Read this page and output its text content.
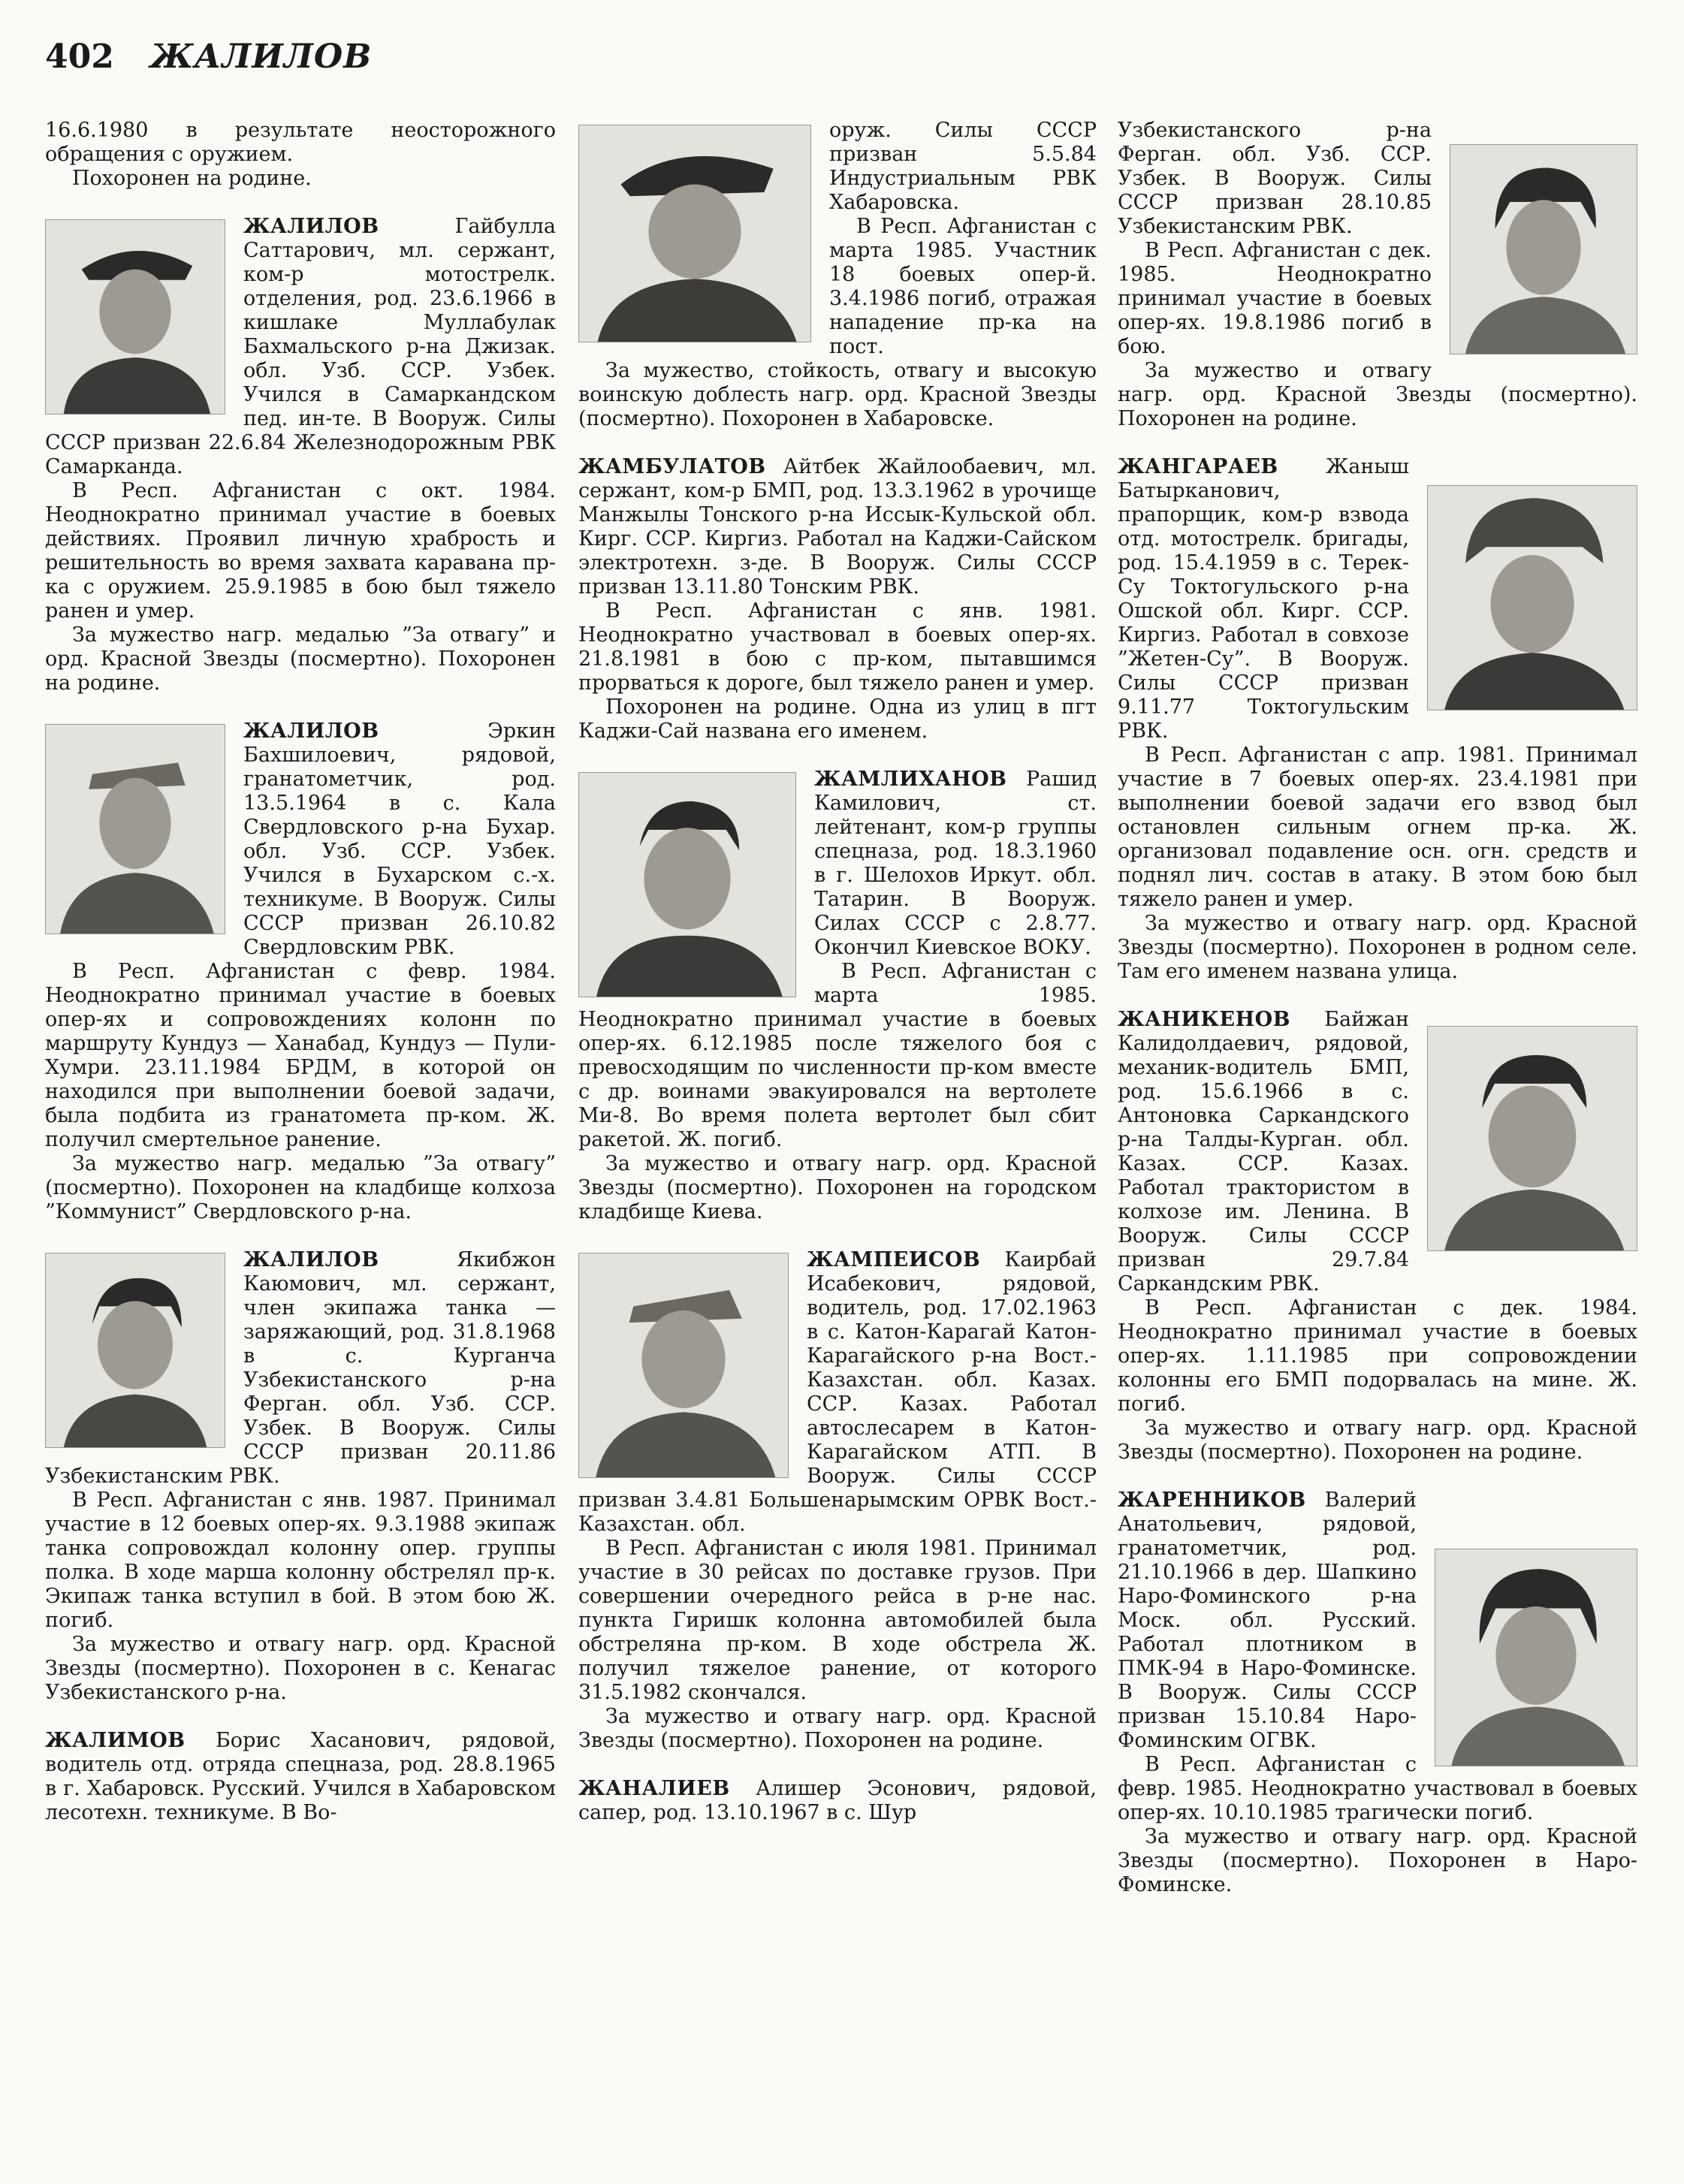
402 ЖАЛИЛОВ

16.6.1980 в результате неосторожного обращения с оружием.

Похоронен на родине.

ЖАЛИЛОВ Гайбулла Саттарович, мл. сержант, ком-р мотострелк. отделения, род. 23.6.1966 в кишлаке Муллабулак Бахмальского р-на Джизак. обл. Узб. ССР. Узбек. Учился в Самаркандском пед. ин-те. В Вооруж. Силы СССР призван 22.6.84 Железнодорожным РВК Самарканда.

В Респ. Афганистан с окт. 1984. Неоднократно принимал участие в боевых действиях. Проявил личную храбрость и решительность во время захвата каравана пр-ка с оружием. 25.9.1985 в бою был тяжело ранен и умер.

За мужество нагр. медалью ”За отвагу” и орд. Красной Звезды (посмертно). Похоронен на родине.

ЖАЛИЛОВ Эркин Бахшилоевич, рядовой, гранатометчик, род. 13.5.1964 в с. Кала Свердловского р-на Бухар. обл. Узб. ССР. Узбек. Учился в Бухарском с.-х. техникуме. В Вооруж. Силы СССР призван 26.10.82 Свердловским РВК.

В Респ. Афганистан с февр. 1984. Неоднократно принимал участие в боевых опер-ях и сопровождениях колонн по маршруту Кундуз — Ханабад, Кундуз — Пули-Хумри. 23.11.1984 БРДМ, в которой он находился при выполнении боевой задачи, была подбита из гранатомета пр-ком. Ж. получил смертельное ранение.

За мужество нагр. медалью ”За отвагу” (посмертно). Похоронен на кладбище колхоза ”Коммунист” Свердловского р-на.

ЖАЛИЛОВ Якибжон Каюмович, мл. сержант, член экипажа танка — заряжающий, род. 31.8.1968 в с. Курганча Узбекистанского р-на Ферган. обл. Узб. ССР. Узбек. В Вооруж. Силы СССР призван 20.11.86 Узбекистанским РВК.

В Респ. Афганистан с янв. 1987. Принимал участие в 12 боевых опер-ях. 9.3.1988 экипаж танка сопровождал колонну опер. группы полка. В ходе марша колонну обстрелял пр-к. Экипаж танка вступил в бой. В этом бою Ж. погиб.

За мужество и отвагу нагр. орд. Красной Звезды (посмертно). Похоронен в с. Кенагас Узбекистанского р-на.

ЖАЛИМОВ Борис Хасанович, рядовой, водитель отд. отряда спецназа, род. 28.8.1965 в г. Хабаровск. Русский. Учился в Хабаровском лесотехн. техникуме. В Во-

оруж. Силы СССР призван 5.5.84 Индустриальным РВК Хабаровска.

В Респ. Афганистан с марта 1985. Участник 18 боевых опер-й. 3.4.1986 погиб, отражая нападение пр-ка на пост.

За мужество, стойкость, отвагу и высокую воинскую доблесть нагр. орд. Красной Звезды (посмертно). Похоронен в Хабаровске.

ЖАМБУЛАТОВ Айтбек Жайлообаевич, мл. сержант, ком-р БМП, род. 13.3.1962 в урочище Манжылы Тонского р-на Иссык-Кульской обл. Кирг. ССР. Киргиз. Работал на Каджи-Сайском электротехн. з-де. В Вооруж. Силы СССР призван 13.11.80 Тонским РВК.

В Респ. Афганистан с янв. 1981. Неоднократно участвовал в боевых опер-ях. 21.8.1981 в бою с пр-ком, пытавшимся прорваться к дороге, был тяжело ранен и умер.

Похоронен на родине. Одна из улиц в пгт Каджи-Сай названа его именем.

ЖАМЛИХАНОВ Рашид Камилович, ст. лейтенант, ком-р группы спецназа, род. 18.3.1960 в г. Шелохов Иркут. обл. Татарин. В Вооруж. Силах СССР с 2.8.77. Окончил Киевское ВОКУ.

В Респ. Афганистан с марта 1985. Неоднократно принимал участие в боевых опер-ях. 6.12.1985 после тяжелого боя с превосходящим по численности пр-ком вместе с др. воинами эвакуировался на вертолете Ми-8. Во время полета вертолет был сбит ракетой. Ж. погиб.

За мужество и отвагу нагр. орд. Красной Звезды (посмертно). Похоронен на городском кладбище Киева.

ЖАМПЕИСОВ Каирбай Исабекович, рядовой, водитель, род. 17.02.1963 в с. Катон-Карагай Катон-Карагайского р-на Вост.-Казахстан. обл. Казах. ССР. Казах. Работал автослесарем в Катон-Карагайском АТП. В Вооруж. Силы СССР призван 3.4.81 Большенарымским ОРВК Вост.-Казахстан. обл.

В Респ. Афганистан с июля 1981. Принимал участие в 30 рейсах по доставке грузов. При совершении очередного рейса в р-не нас. пункта Гиришк колонна автомобилей была обстреляна пр-ком. В ходе обстрела Ж. получил тяжелое ранение, от которого 31.5.1982 скончался.

За мужество и отвагу нагр. орд. Красной Звезды (посмертно). Похоронен на родине.

ЖАНАЛИЕВ Алишер Эсонович, рядовой, сапер, род. 13.10.1967 в с. Шур

Узбекистанского р-на Ферган. обл. Узб. ССР. Узбек. В Вооруж. Силы СССР призван 28.10.85 Узбекистанским РВК.

В Респ. Афганистан с дек. 1985. Неоднократно принимал участие в боевых опер-ях. 19.8.1986 погиб в бою.

За мужество и отвагу нагр. орд. Красной Звезды (посмертно). Похоронен на родине.

ЖАНГАРАЕВ Жаныш Батырканович, прапорщик, ком-р взвода отд. мотострелк. бригады, род. 15.4.1959 в с. Терек-Су Токтогульского р-на Ошской обл. Кирг. ССР. Киргиз. Работал в совхозе ”Жетен-Су”. В Вооруж. Силы СССР призван 9.11.77 Токтогульским РВК.

В Респ. Афганистан с апр. 1981. Принимал участие в 7 боевых опер-ях. 23.4.1981 при выполнении боевой задачи его взвод был остановлен сильным огнем пр-ка. Ж. организовал подавление осн. огн. средств и поднял лич. состав в атаку. В этом бою был тяжело ранен и умер.

За мужество и отвагу нагр. орд. Красной Звезды (посмертно). Похоронен в родном селе. Там его именем названа улица.

ЖАНИКЕНОВ Байжан Калидолдаевич, рядовой, механик-водитель БМП, род. 15.6.1966 в с. Антоновка Саркандского р-на Талды-Курган. обл. Казах. ССР. Казах. Работал трактористом в колхозе им. Ленина. В Вооруж. Силы СССР призван 29.7.84 Саркандским РВК.

В Респ. Афганистан с дек. 1984. Неоднократно принимал участие в боевых опер-ях. 1.11.1985 при сопровождении колонны его БМП подорвалась на мине. Ж. погиб.

За мужество и отвагу нагр. орд. Красной Звезды (посмертно). Похоронен на родине.

ЖАРЕННИКОВ Валерий Анатольевич, рядовой, гранатометчик, род. 21.10.1966 в дер. Шапкино Наро-Фоминского р-на Моск. обл. Русский. Работал плотником в ПМК-94 в Наро-Фоминске. В Вооруж. Силы СССР призван 15.10.84 Наро-Фоминским ОГВК.

В Респ. Афганистан с февр. 1985. Неоднократно участвовал в боевых опер-ях. 10.10.1985 трагически погиб.

За мужество и отвагу нагр. орд. Красной Звезды (посмертно). Похоронен в Наро-Фоминске.
